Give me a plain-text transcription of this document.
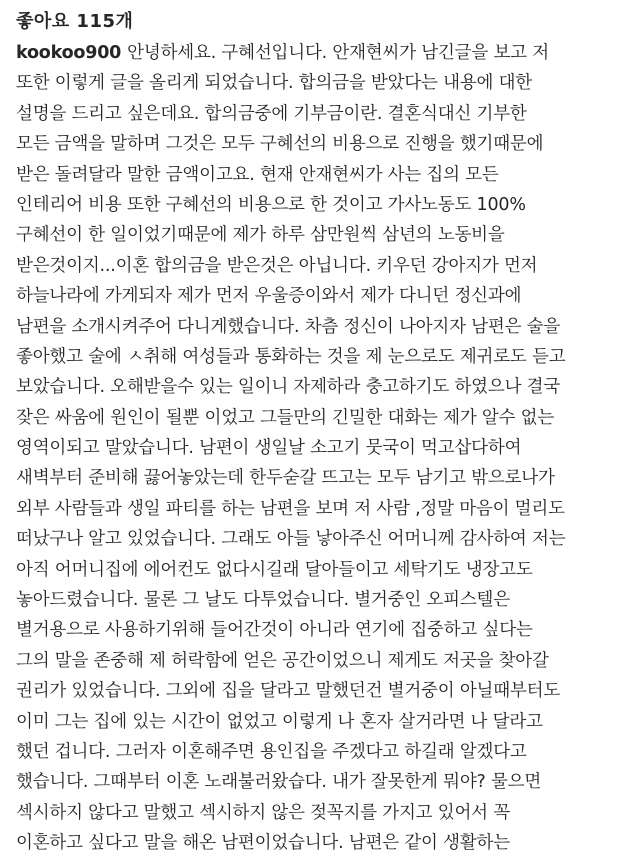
좋아요 115개
kookoo900 안녕하세요. 구혜선입니다. 안재현씨가 남긴글을 보고 저
또한 이렇게 글을 올리게 되었습니다. 합의금을 받았다는 내용에 대한
설명을 드리고 싶은데요. 합의금중에 기부금이란. 결혼식대신 기부한
모든 금액을 말하며 그것은 모두 구혜선의 비용으로 진행을 했기때문에
받은 돌려달라 말한 금액이고요. 현재 안재현씨가 사는 집의 모든
인테리어 비용 또한 구혜선의 비용으로 한 것이고 가사노동도 100%
구혜선이 한 일이었기때문에 제가 하루 삼만원씩 삼년의 노동비을
받은것이지...이혼 합의금을 받은것은 아닙니다. 키우던 강아지가 먼저
하늘나라에 가게되자 제가 먼저 우울증이와서 제가 다니던 정신과에
남편을 소개시켜주어 다니게했습니다. 차츰 정신이 나아지자 남편은 술을
좋아했고 술에 ㅅ취해 여성들과 통화하는 것을 제 눈으로도 제귀로도 듣고
보았습니다. 오해받을수 있는 일이니 자제하라 충고하기도 하였으나 결국
잦은 싸움에 원인이 될뿐 이었고 그들만의 긴밀한 대화는 제가 알수 없는
영역이되고 말았습니다. 남편이 생일날 소고기 뭇국이 먹고삽다하여
새벽부터 준비해 끓어놓았는데 한두숟갈 뜨고는 모두 남기고 밖으로나가
외부 사람들과 생일 파티를 하는 남편을 보며 저 사람 ,정말 마음이 멀리도
떠났구나 알고 있었습니다. 그래도 아들 낳아주신 어머니께 감사하여 저는
아직 어머니집에 에어컨도 없다시길래 달아들이고 세탁기도 냉장고도
놓아드렸습니다. 물론 그 날도 다투었습니다. 별거중인 오피스텔은
별거용으로 사용하기위해 들어간것이 아니라 연기에 집중하고 싶다는
그의 말을 존중해 제 허락함에 얻은 공간이었으니 제게도 저곳을 찾아갈
권리가 있었습니다. 그외에 집을 달라고 말했던건 별거중이 아닐때부터도
이미 그는 집에 있는 시간이 없었고 이렇게 나 혼자 살거라면 나 달라고
했던 겁니다. 그러자 이혼해주면 용인집을 주겠다고 하길래 알겠다고
했습니다. 그때부터 이혼 노래불러왔습다. 내가 잘못한게 뭐야? 물으면
섹시하지 않다고 말했고 섹시하지 않은 젖꼭지를 가지고 있어서 꼭
이혼하고 싶다고 말을 해온 남편이었습니다. 남편은 같이 생활하는
